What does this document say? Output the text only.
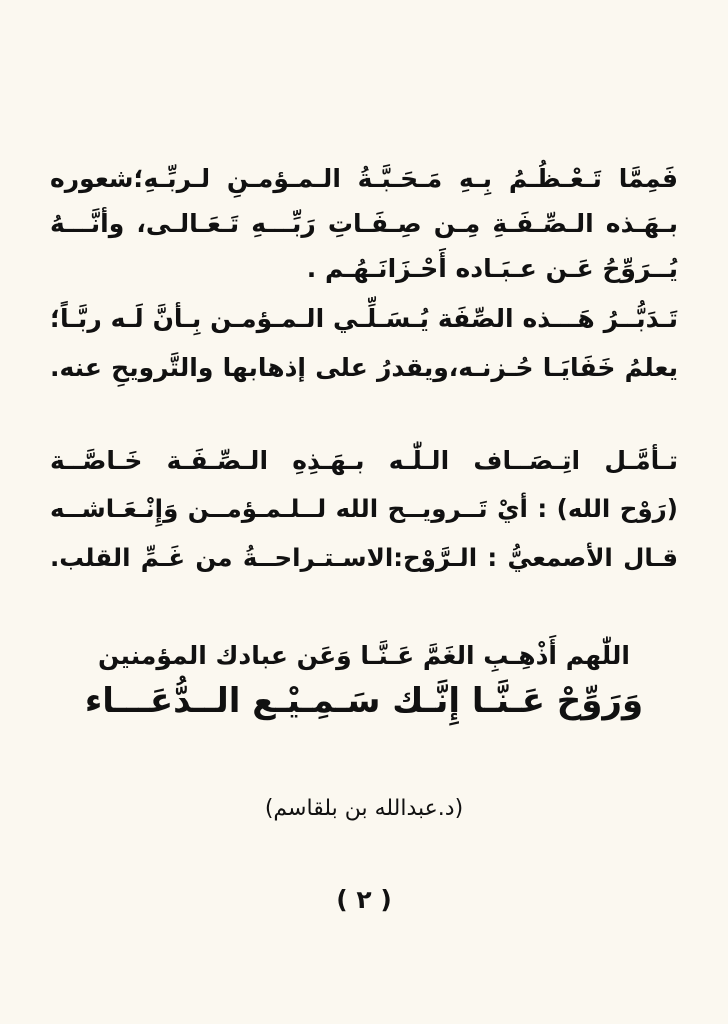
فَمِمَّا تَـعْـظُـمُ بِـهِ مَـحَـبَّـةُ الـمـؤمـنِ لـربِّـهِ؛شعوره
بـهَـذه الـصِّـفَـةِ مِـن صِـفَـاتِ رَبِّـــهِ تَـعَـالـى، وأنَّـــهُ
يُــرَوِّحُ عَـن عـبَـاده أَحْـزَانَـهُـم .
تَـدَبُّــرُ هَـــذه الصِّفَة يُـسَـلِّـي الـمـؤمـن بِـأنَّ لَـه ربَّـاً؛
يعلمُ خَفَايَـا حُـزنـه،ويقدرُ على إذهابها والتَّرويحِ عنه.
تـأمَّـل اتِـصَــاف الـلّٰـه بـهَـذِهِ الـصِّـفَـة خَـاصَّــة
(رَوْح الله) : أيْ تَــرويــح الله لــلـمـؤمــن وَإِنْـعَـاشــه
قـال الأصمعيُّ : الـرَّوْح:الاسـتـراحــةُ من غَـمِّ القلب.
اللّٰهم أَذْهِـبِ الغَمَّ عَـنَّـا وَعَن عبادك المؤمنين
وَرَوِّحْ عَـنَّـا إِنَّـك سَـمِـيْـع الــدُّعَـــاء
(د.عبدالله بن بلقاسم)
( ٢ )
